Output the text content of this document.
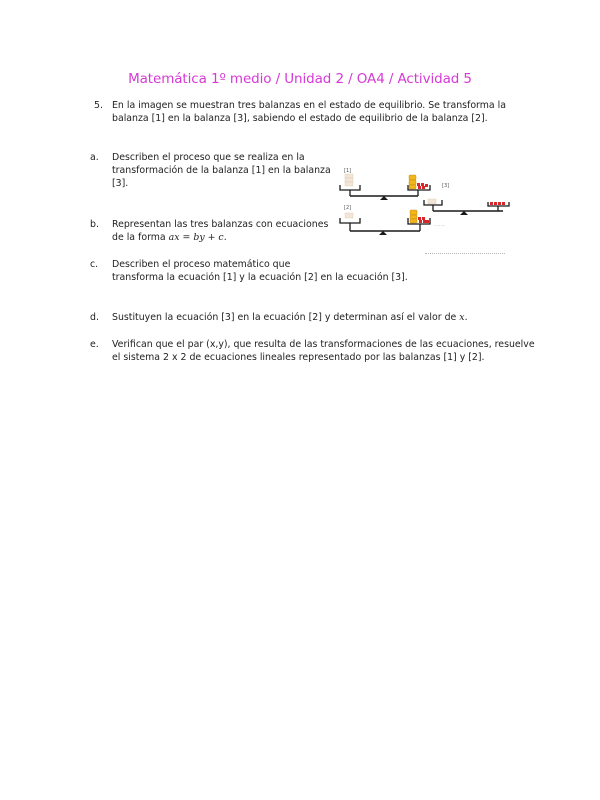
Matemática 1º medio / Unidad 2 / OA4 / Actividad 5
5. En la imagen se muestran tres balanzas en el estado de equilibrio. Se transforma la
balanza [1] en la balanza [3], sabiendo el estado de equilibrio de la balanza [2].
a. Describen el proceso que se realiza en la
transformación de la balanza [1] en la balanza
[3].
b. Representan las tres balanzas con ecuaciones
de la forma ax = by + c.
c. Describen el proceso matemático que
transforma la ecuación [1] y la ecuación [2] en la ecuación [3].
d. Sustituyen la ecuación [3] en la ecuación [2] y determinan así el valor de x.
e. Verifican que el par (x,y), que resulta de las transformaciones de las ecuaciones, resuelve
el sistema 2 x 2 de ecuaciones lineales representado por las balanzas [1] y [2].
[1]
[3]
[2]
·········
